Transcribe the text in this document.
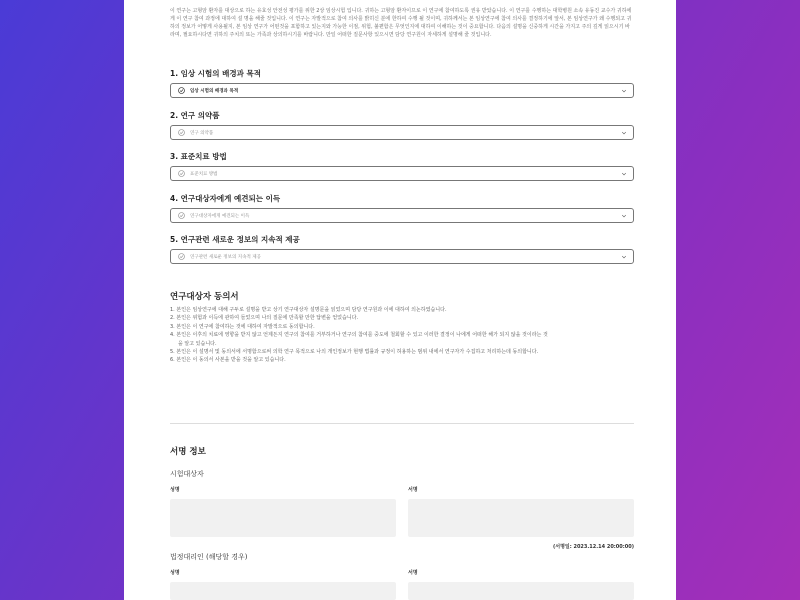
이 연구는 고형암 환자를 대상으로 하는 유효성 안전성 평가를 위한 2상 임상시험 입니다. 귀하는 고형암 환자이므로 이 연구에 참여하도록 권유 받았습니다. 이 연구를 수행하는 대학병원 소속 유동진 교수가 귀하에게 이 연구 참여 과정에 대하여 설 명을 해줄 것입니다. 이 연구는 자발적으로 참여 의사를 밝히신 분에 한하여 수행 될 것이며, 귀하께서는 본 임상연구에 참여 의사를 결정하기에 앞서, 본 임상연구가 왜 수행되고 귀하의 정보가 어떻게 사용될지, 본 임상 연구가 어떤것을 포함하고 있는지와 가능한 이점, 위험, 불편함은 무엇인지에 대하여 이해하는 것이 중요합니다. 다음의 설명을 신중하게 시간을 가지고 주의 깊게 읽으시기 바라며, 필요하시다면 귀하의 주치의 또는 가족과 상의하시기를 바랍니다. 만일 어떠한 질문사항 있으시면 담당 연구원이 자세하게 설명해 줄 것입니다.

1. 임상 시험의 배경과 목적

임상 시험의 배경과 목적

2. 연구 의약품

연구 의약품

3. 표준치료 방법

표준치료 방법

4. 연구대상자에게 예견되는 이득

연구대상자에게 예견되는 이득

5. 연구관련 새로운 정보의 지속적 제공

연구관련 새로운 정보의 지속적 제공

연구대상자 동의서

1. 본인은 임상연구에 대해 구두로 설명을 받고 상기 연구대상자 설명문을 읽었으며 담당 연구원과 이에 대하여 의논하였습니다.
2. 본인은 위험과 이득에 관하여 들었으며 나의 질문에 만족할 만한 답변을 얻었습니다.
3. 본인은 이 연구에 참여하는 것에 대하여 자발적으로 동의합니다.
4. 본인은 이후의 치료에 영향을 받지 않고 언제든지 연구의 참여를 거부하거나 연구의 참여를 중도에 철회할 수 있고 이러한 결정이 나에게 어떠한 해가 되지 않을 것이라는 것을 알고 있습니다.
5. 본인은 이 설명서 및 동의서에 서명함으로써 의학 연구 목적으로 나의 개인정보가 현행 법률과 규정이 허용하는 범위 내에서 연구자가 수집하고 처리하는데 동의합니다.
6. 본인은 이 동의서 사본을 받을 것을 알고 있습니다.

서명 정보

시험대상자

성명	서명
(서명일: 2023.12.14 20:00:00)

법정대리인 (해당할 경우)

성명	서명
